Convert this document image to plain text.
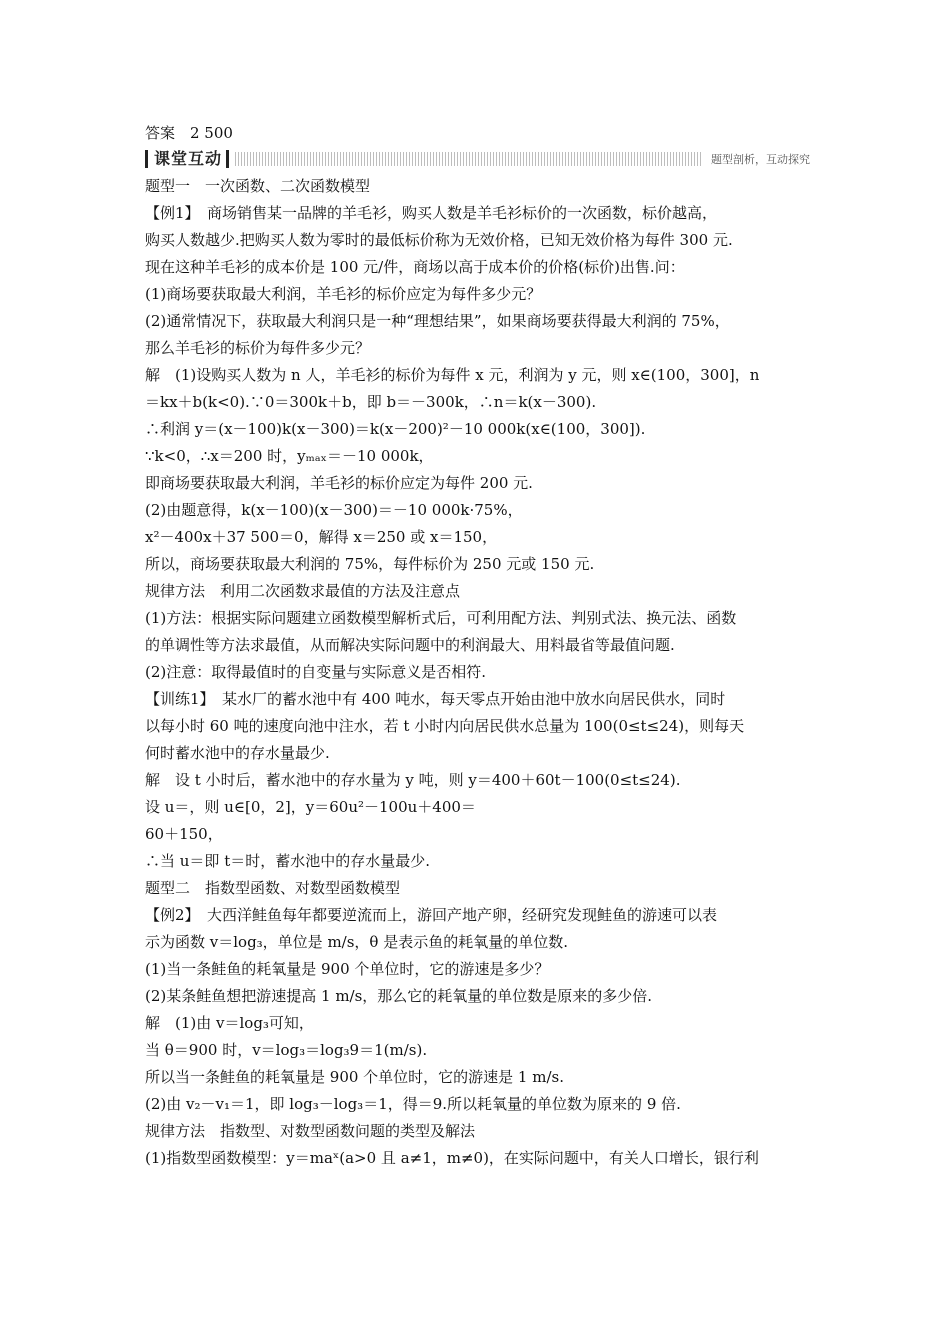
答案　2 500
课堂互动	题型剖析，互动探究
题型一　一次函数、二次函数模型
【例1】　商场销售某一品牌的羊毛衫，购买人数是羊毛衫标价的一次函数，标价越高，
购买人数越少.把购买人数为零时的最低标价称为无效价格，已知无效价格为每件 300 元.
现在这种羊毛衫的成本价是 100 元/件，商场以高于成本价的价格(标价)出售.问：
(1)商场要获取最大利润，羊毛衫的标价应定为每件多少元？
(2)通常情况下，获取最大利润只是一种“理想结果”，如果商场要获得最大利润的 75%，
那么羊毛衫的标价为每件多少元？
解　(1)设购买人数为 n 人，羊毛衫的标价为每件 x 元，利润为 y 元，则 x∈(100，300]，n
＝kx＋b(k<0).∵0＝300k＋b，即 b＝－300k，∴n＝k(x－300).
∴利润 y＝(x－100)k(x－300)＝k(x－200)²－10 000k(x∈(100，300]).
∵k<0，∴x＝200 时，yₘₐₓ＝－10 000k，
即商场要获取最大利润，羊毛衫的标价应定为每件 200 元.
(2)由题意得，k(x－100)(x－300)＝－10 000k·75%，
x²－400x＋37 500＝0，解得 x＝250 或 x＝150，
所以，商场要获取最大利润的 75%，每件标价为 250 元或 150 元.
规律方法　利用二次函数求最值的方法及注意点
(1)方法：根据实际问题建立函数模型解析式后，可利用配方法、判别式法、换元法、函数
的单调性等方法求最值，从而解决实际问题中的利润最大、用料最省等最值问题.
(2)注意：取得最值时的自变量与实际意义是否相符.
【训练1】　某水厂的蓄水池中有 400 吨水，每天零点开始由池中放水向居民供水，同时
以每小时 60 吨的速度向池中注水，若 t 小时内向居民供水总量为 100(0≤t≤24)，则每天
何时蓄水池中的存水量最少.
解　设 t 小时后，蓄水池中的存水量为 y 吨，则 y＝400＋60t－100(0≤t≤24).
设 u＝，则 u∈[0，2]，y＝60u²－100u＋400＝
60＋150，
∴当 u＝即 t＝时，蓄水池中的存水量最少.
题型二　指数型函数、对数型函数模型
【例2】　大西洋鲑鱼每年都要逆流而上，游回产地产卵，经研究发现鲑鱼的游速可以表
示为函数 v＝log₃，单位是 m/s，θ 是表示鱼的耗氧量的单位数.
(1)当一条鲑鱼的耗氧量是 900 个单位时，它的游速是多少？
(2)某条鲑鱼想把游速提高 1 m/s，那么它的耗氧量的单位数是原来的多少倍.
解　(1)由 v＝log₃可知，
当 θ＝900 时，v＝log₃＝log₃9＝1(m/s).
所以当一条鲑鱼的耗氧量是 900 个单位时，它的游速是 1 m/s.
(2)由 v₂－v₁＝1，即 log₃－log₃＝1，得＝9.所以耗氧量的单位数为原来的 9 倍.
规律方法　指数型、对数型函数问题的类型及解法
(1)指数型函数模型：y＝maˣ(a>0 且 a≠1，m≠0)，在实际问题中，有关人口增长，银行利
